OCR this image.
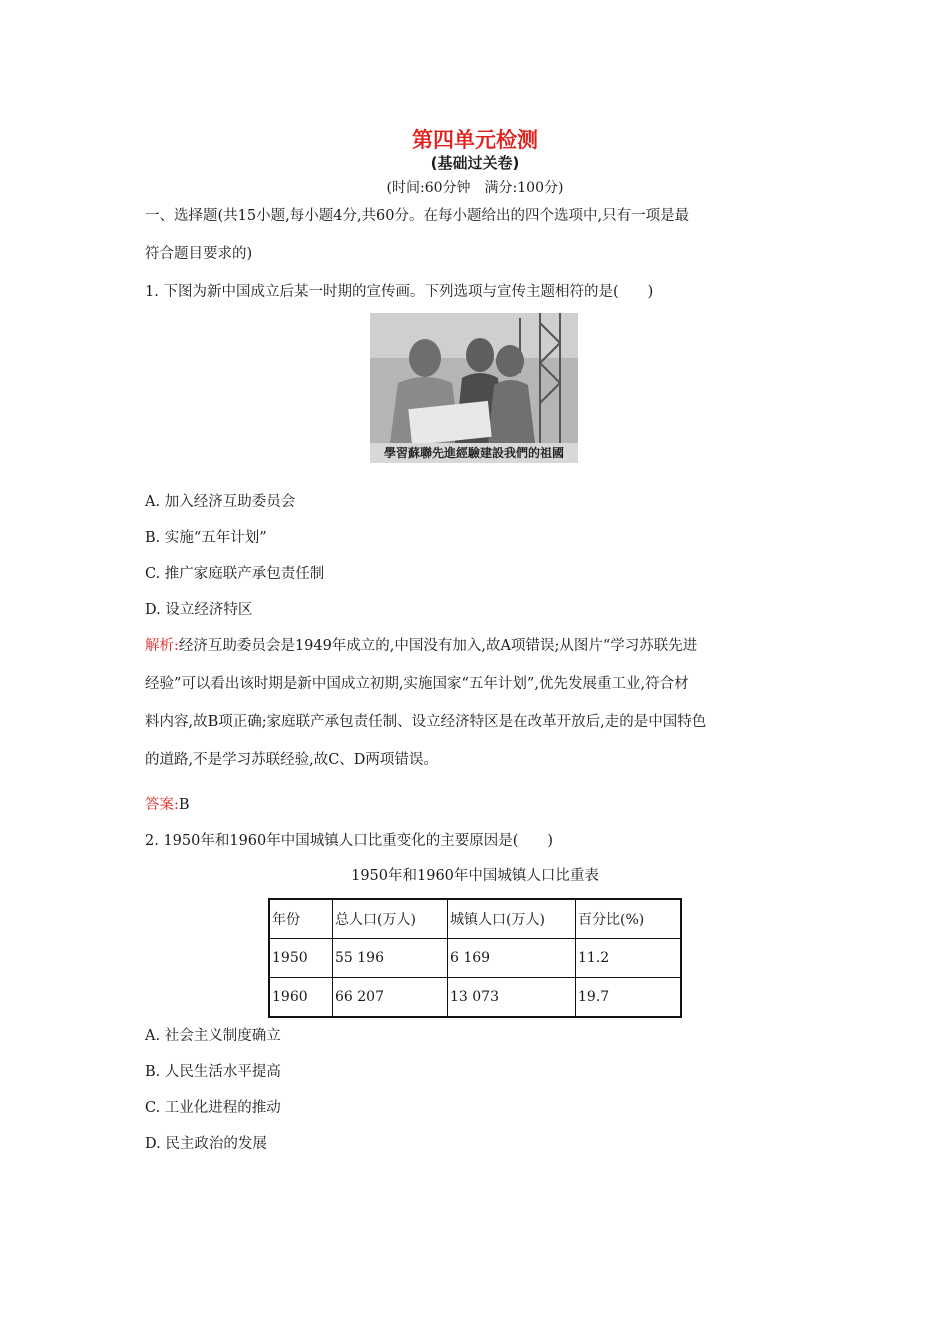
第四单元检测
(基础过关卷)
(时间:60分钟　满分:100分)
一、选择题(共15小题,每小题4分,共60分。在每小题给出的四个选项中,只有一项是最
符合题目要求的)
1. 下图为新中国成立后某一时期的宣传画。下列选项与宣传主题相符的是(　　)
學習蘇聯先進經驗建設我們的祖國
A. 加入经济互助委员会
B. 实施“五年计划”
C. 推广家庭联产承包责任制
D. 设立经济特区
解析:经济互助委员会是1949年成立的,中国没有加入,故A项错误;从图片“学习苏联先进
经验”可以看出该时期是新中国成立初期,实施国家“五年计划”,优先发展重工业,符合材
料内容,故B项正确;家庭联产承包责任制、设立经济特区是在改革开放后,走的是中国特色
的道路,不是学习苏联经验,故C、D两项错误。
答案:B
2. 1950年和1960年中国城镇人口比重变化的主要原因是(　　)
1950年和1960年中国城镇人口比重表
年份	总人口(万人)	城镇人口(万人)	百分比(%)
1950	55 196	6 169	11.2
1960	66 207	13 073	19.7
A. 社会主义制度确立
B. 人民生活水平提高
C. 工业化进程的推动
D. 民主政治的发展
